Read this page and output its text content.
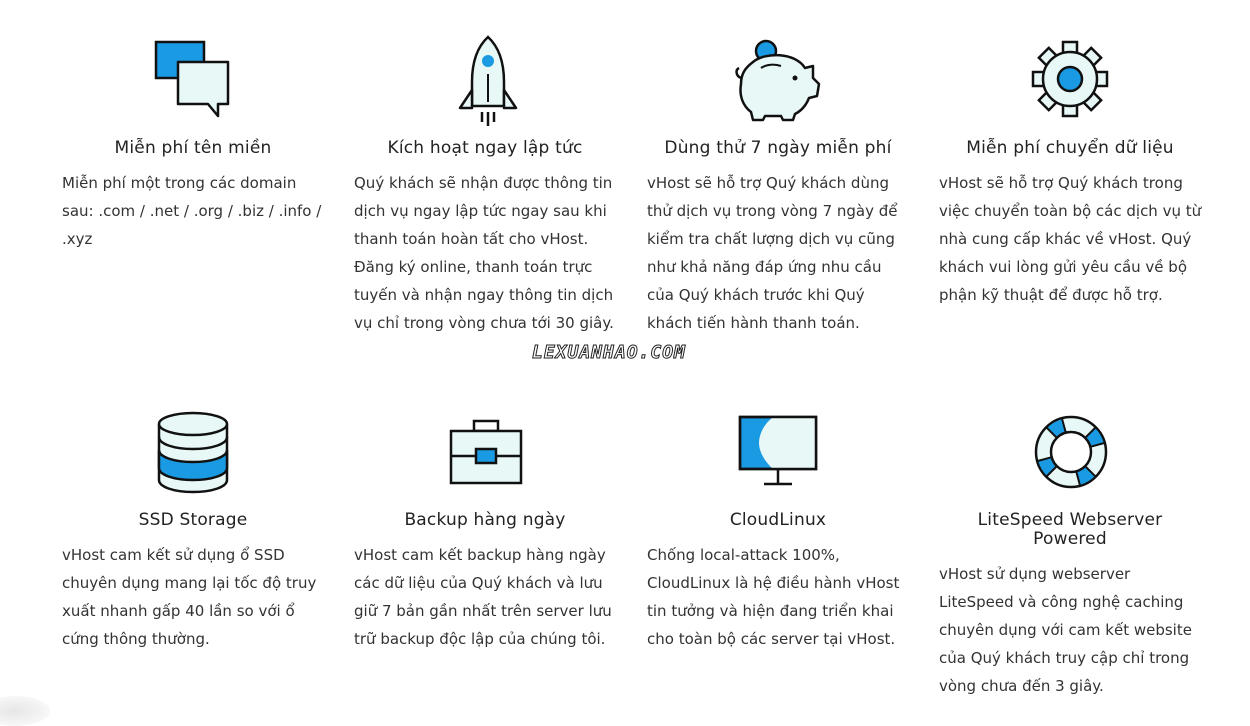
Miễn phí tên miền
Miễn phí một trong các domain
sau: .com / .net / .org / .biz / .info /
.xyz
Kích hoạt ngay lập tức
Quý khách sẽ nhận được thông tin
dịch vụ ngay lập tức ngay sau khi
thanh toán hoàn tất cho vHost.
Đăng ký online, thanh toán trực
tuyến và nhận ngay thông tin dịch
vụ chỉ trong vòng chưa tới 30 giây.
Dùng thử 7 ngày miễn phí
vHost sẽ hỗ trợ Quý khách dùng
thử dịch vụ trong vòng 7 ngày để
kiểm tra chất lượng dịch vụ cũng
như khả năng đáp ứng nhu cầu
của Quý khách trước khi Quý
khách tiến hành thanh toán.
Miễn phí chuyển dữ liệu
vHost sẽ hỗ trợ Quý khách trong
việc chuyển toàn bộ các dịch vụ từ
nhà cung cấp khác về vHost. Quý
khách vui lòng gửi yêu cầu về bộ
phận kỹ thuật để được hỗ trợ.
LEXUANHAO.COM
SSD Storage
vHost cam kết sử dụng ổ SSD
chuyên dụng mang lại tốc độ truy
xuất nhanh gấp 40 lần so với ổ
cứng thông thường.
Backup hàng ngày
vHost cam kết backup hàng ngày
các dữ liệu của Quý khách và lưu
giữ 7 bản gần nhất trên server lưu
trữ backup độc lập của chúng tôi.
CloudLinux
Chống local-attack 100%,
CloudLinux là hệ điều hành vHost
tin tưởng và hiện đang triển khai
cho toàn bộ các server tại vHost.
LiteSpeed Webserver Powered
vHost sử dụng webserver
LiteSpeed và công nghệ caching
chuyên dụng với cam kết website
của Quý khách truy cập chỉ trong
vòng chưa đến 3 giây.
